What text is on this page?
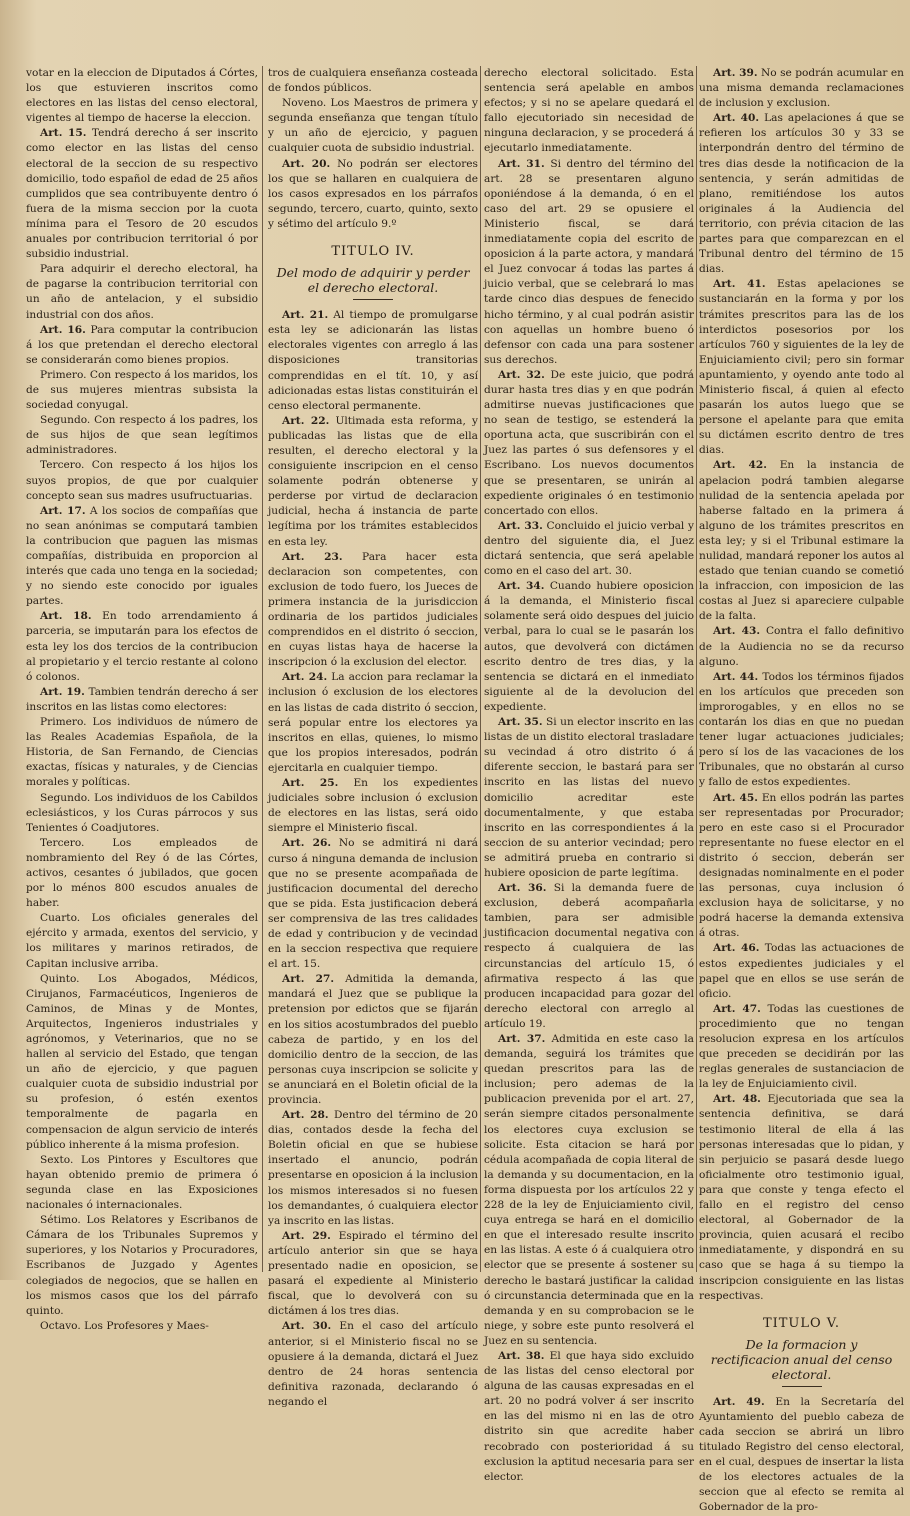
votar en la eleccion de Diputados á Córtes, los que estuvieren inscritos como electores en las listas del censo electoral, vigentes al tiempo de hacerse la eleccion.

Art. 15. Tendrá derecho á ser inscrito como elector en las listas del censo electoral de la seccion de su respectivo domicilio, todo español de edad de 25 años cumplidos que sea contribuyente dentro ó fuera de la misma seccion por la cuota mínima para el Tesoro de 20 escudos anuales por contribucion territorial ó por subsidio industrial.

Para adquirir el derecho electoral, ha de pagarse la contribucion territorial con un año de antelacion, y el subsidio industrial con dos años.

Art. 16. Para computar la contribucion á los que pretendan el derecho electoral se considerarán como bienes propios.

Primero. Con respecto á los maridos, los de sus mujeres mientras subsista la sociedad conyugal.

Segundo. Con respecto á los padres, los de sus hijos de que sean legítimos administradores.

Tercero. Con respecto á los hijos los suyos propios, de que por cualquier concepto sean sus madres usufructuarias.

Art. 17. A los socios de compañías que no sean anónimas se computará tambien la contribucion que paguen las mismas compañías, distribuida en proporcion al interés que cada uno tenga en la sociedad; y no siendo este conocido por iguales partes.

Art. 18. En todo arrendamiento á parceria, se imputarán para los efectos de esta ley los dos tercios de la contribucion al propietario y el tercio restante al colono ó colonos.

Art. 19. Tambien tendrán derecho á ser inscritos en las listas como electores:

Primero. Los individuos de número de las Reales Academias Española, de la Historia, de San Fernando, de Ciencias exactas, físicas y naturales, y de Ciencias morales y políticas.

Segundo. Los individuos de los Cabildos eclesiásticos, y los Curas párrocos y sus Tenientes ó Coadjutores.

Tercero. Los empleados de nombramiento del Rey ó de las Córtes, activos, cesantes ó jubilados, que gocen por lo ménos 800 escudos anuales de haber.

Cuarto. Los oficiales generales del ejército y armada, exentos del servicio, y los militares y marinos retirados, de Capitan inclusive arriba.

Quinto. Los Abogados, Médicos, Cirujanos, Farmacéuticos, Ingenieros de Caminos, de Minas y de Montes, Arquitectos, Ingenieros industriales y agrónomos, y Veterinarios, que no se hallen al servicio del Estado, que tengan un año de ejercicio, y que paguen cualquier cuota de subsidio industrial por su profesion, ó estén exentos temporalmente de pagarla en compensacion de algun servicio de interés público inherente á la misma profesion.

Sexto. Los Pintores y Escultores que hayan obtenido premio de primera ó segunda clase en las Exposiciones nacionales ó internacionales.

Sétimo. Los Relatores y Escribanos de Cámara de los Tribunales Supremos y superiores, y los Notarios y Procuradores, Escribanos de Juzgado y Agentes colegiados de negocios, que se hallen en los mismos casos que los del párrafo quinto.

Octavo. Los Profesores y Maes-

tros de cualquiera enseñanza costeada de fondos públicos.

Noveno. Los Maestros de primera y segunda enseñanza que tengan título y un año de ejercicio, y paguen cualquier cuota de subsidio industrial.

Art. 20. No podrán ser electores los que se hallaren en cualquiera de los casos expresados en los párrafos segundo, tercero, cuarto, quinto, sexto y sétimo del artículo 9.º

TITULO IV.
Del modo de adquirir y perder el derecho electoral.

Art. 21. Al tiempo de promulgarse esta ley se adicionarán las listas electorales vigentes con arreglo á las disposiciones transitorias comprendidas en el tít. 10, y así adicionadas estas listas constituirán el censo electoral permanente.

Art. 22. Ultimada esta reforma, y publicadas las listas que de ella resulten, el derecho electoral y la consiguiente inscripcion en el censo solamente podrán obtenerse y perderse por virtud de declaracion judicial, hecha á instancia de parte legítima por los trámites establecidos en esta ley.

Art. 23. Para hacer esta declaracion son competentes, con exclusion de todo fuero, los Jueces de primera instancia de la jurisdiccion ordinaria de los partidos judiciales comprendidos en el distrito ó seccion, en cuyas listas haya de hacerse la inscripcion ó la exclusion del elector.

Art. 24. La accion para reclamar la inclusion ó exclusion de los electores en las listas de cada distrito ó seccion, será popular entre los electores ya inscritos en ellas, quienes, lo mismo que los propios interesados, podrán ejercitarla en cualquier tiempo.

Art. 25. En los expedientes judiciales sobre inclusion ó exclusion de electores en las listas, será oido siempre el Ministerio fiscal.

Art. 26. No se admitirá ni dará curso á ninguna demanda de inclusion que no se presente acompañada de justificacion documental del derecho que se pida. Esta justificacion deberá ser comprensiva de las tres calidades de edad y contribucion y de vecindad en la seccion respectiva que requiere el art. 15.

Art. 27. Admitida la demanda, mandará el Juez que se publique la pretension por edictos que se fijarán en los sitios acostumbrados del pueblo cabeza de partido, y en los del domicilio dentro de la seccion, de las personas cuya inscripcion se solicite y se anunciará en el Boletin oficial de la provincia.

Art. 28. Dentro del término de 20 dias, contados desde la fecha del Boletin oficial en que se hubiese insertado el anuncio, podrán presentarse en oposicion á la inclusion los mismos interesados si no fuesen los demandantes, ó cualquiera elector ya inscrito en las listas.

Art. 29. Espirado el término del artículo anterior sin que se haya presentado nadie en oposicion, se pasará el expediente al Ministerio fiscal, que lo devolverá con su dictámen á los tres dias.

Art. 30. En el caso del artículo anterior, si el Ministerio fiscal no se opusiere á la demanda, dictará el Juez dentro de 24 horas sentencia definitiva razonada, declarando ó negando el

derecho electoral solicitado. Esta sentencia será apelable en ambos efectos; y si no se apelare quedará el fallo ejecutoriado sin necesidad de ninguna declaracion, y se procederá á ejecutarlo inmediatamente.

Art. 31. Si dentro del término del art. 28 se presentaren alguno oponiéndose á la demanda, ó en el caso del art. 29 se opusiere el Ministerio fiscal, se dará inmediatamente copia del escrito de oposicion á la parte actora, y mandará el Juez convocar á todas las partes á juicio verbal, que se celebrará lo mas tarde cinco dias despues de fenecido hicho término, y al cual podrán asistir con aquellas un hombre bueno ó defensor con cada una para sostener sus derechos.

Art. 32. De este juicio, que podrá durar hasta tres dias y en que podrán admitirse nuevas justificaciones que no sean de testigo, se estenderá la oportuna acta, que suscribirán con el Juez las partes ó sus defensores y el Escribano. Los nuevos documentos que se presentaren, se unirán al expediente originales ó en testimonio concertado con ellos.

Art. 33. Concluido el juicio verbal y dentro del siguiente dia, el Juez dictará sentencia, que será apelable como en el caso del art. 30.

Art. 34. Cuando hubiere oposicion á la demanda, el Ministerio fiscal solamente será oido despues del juicio verbal, para lo cual se le pasarán los autos, que devolverá con dictámen escrito dentro de tres dias, y la sentencia se dictará en el inmediato siguiente al de la devolucion del expediente.

Art. 35. Si un elector inscrito en las listas de un distito electoral trasladare su vecindad á otro distrito ó á diferente seccion, le bastará para ser inscrito en las listas del nuevo domicilio acreditar este documentalmente, y que estaba inscrito en las correspondientes á la seccion de su anterior vecindad; pero se admitirá prueba en contrario si hubiere oposicion de parte legítima.

Art. 36. Si la demanda fuere de exclusion, deberá acompañarla tambien, para ser admisible justificacion documental negativa con respecto á cualquiera de las circunstancias del artículo 15, ó afirmativa respecto á las que producen incapacidad para gozar del derecho electoral con arreglo al artículo 19.

Art. 37. Admitida en este caso la demanda, seguirá los trámites que quedan prescritos para las de inclusion; pero ademas de la publicacion prevenida por el art. 27, serán siempre citados personalmente los electores cuya exclusion se solicite. Esta citacion se hará por cédula acompañada de copia literal de la demanda y su documentacion, en la forma dispuesta por los artículos 22 y 228 de la ley de Enjuiciamiento civil, cuya entrega se hará en el domicilio en que el interesado resulte inscrito en las listas. A este ó á cualquiera otro elector que se presente á sostener su derecho le bastará justificar la calidad ó circunstancia determinada que en la demanda y en su comprobacion se le niege, y sobre este punto resolverá el Juez en su sentencia.

Art. 38. El que haya sido excluido de las listas del censo electoral por alguna de las causas expresadas en el art. 20 no podrá volver á ser inscrito en las del mismo ni en las de otro distrito sin que acredite haber recobrado con posterioridad á su exclusion la aptitud necesaria para ser elector.

Art. 39. No se podrán acumular en una misma demanda reclamaciones de inclusion y exclusion.

Art. 40. Las apelaciones á que se refieren los artículos 30 y 33 se interpondrán dentro del término de tres dias desde la notificacion de la sentencia, y serán admitidas de plano, remitiéndose los autos originales á la Audiencia del territorio, con prévia citacion de las partes para que comparezcan en el Tribunal dentro del término de 15 dias.

Art. 41. Estas apelaciones se sustanciarán en la forma y por los trámites prescritos para las de los interdictos posesorios por los artículos 760 y siguientes de la ley de Enjuiciamiento civil; pero sin formar apuntamiento, y oyendo ante todo al Ministerio fiscal, á quien al efecto pasarán los autos luego que se persone el apelante para que emita su dictámen escrito dentro de tres dias.

Art. 42. En la instancia de apelacion podrá tambien alegarse nulidad de la sentencia apelada por haberse faltado en la primera á alguno de los trámites prescritos en esta ley; y si el Tribunal estimare la nulidad, mandará reponer los autos al estado que tenian cuando se cometió la infraccion, con imposicion de las costas al Juez si apareciere culpable de la falta.

Art. 43. Contra el fallo definitivo de la Audiencia no se da recurso alguno.

Art. 44. Todos los términos fijados en los artículos que preceden son improrogables, y en ellos no se contarán los dias en que no puedan tener lugar actuaciones judiciales; pero sí los de las vacaciones de los Tribunales, que no obstarán al curso y fallo de estos expedientes.

Art. 45. En ellos podrán las partes ser representadas por Procurador; pero en este caso si el Procurador representante no fuese elector en el distrito ó seccion, deberán ser designadas nominalmente en el poder las personas, cuya inclusion ó exclusion haya de solicitarse, y no podrá hacerse la demanda extensiva á otras.

Art. 46. Todas las actuaciones de estos expedientes judiciales y el papel que en ellos se use serán de oficio.

Art. 47. Todas las cuestiones de procedimiento que no tengan resolucion expresa en los artículos que preceden se decidirán por las reglas generales de sustanciacion de la ley de Enjuiciamiento civil.

Art. 48. Ejecutoriada que sea la sentencia definitiva, se dará testimonio literal de ella á las personas interesadas que lo pidan, y sin perjuicio se pasará desde luego oficialmente otro testimonio igual, para que conste y tenga efecto el fallo en el registro del censo electoral, al Gobernador de la provincia, quien acusará el recibo inmediatamente, y dispondrá en su caso que se haga á su tiempo la inscripcion consiguiente en las listas respectivas.

TITULO V.
De la formacion y rectificacion anual del censo electoral.

Art. 49. En la Secretaría del Ayuntamiento del pueblo cabeza de cada seccion se abrirá un libro titulado Registro del censo electoral, en el cual, despues de insertar la lista de los electores actuales de la seccion que al efecto se remita al Gobernador de la pro-
